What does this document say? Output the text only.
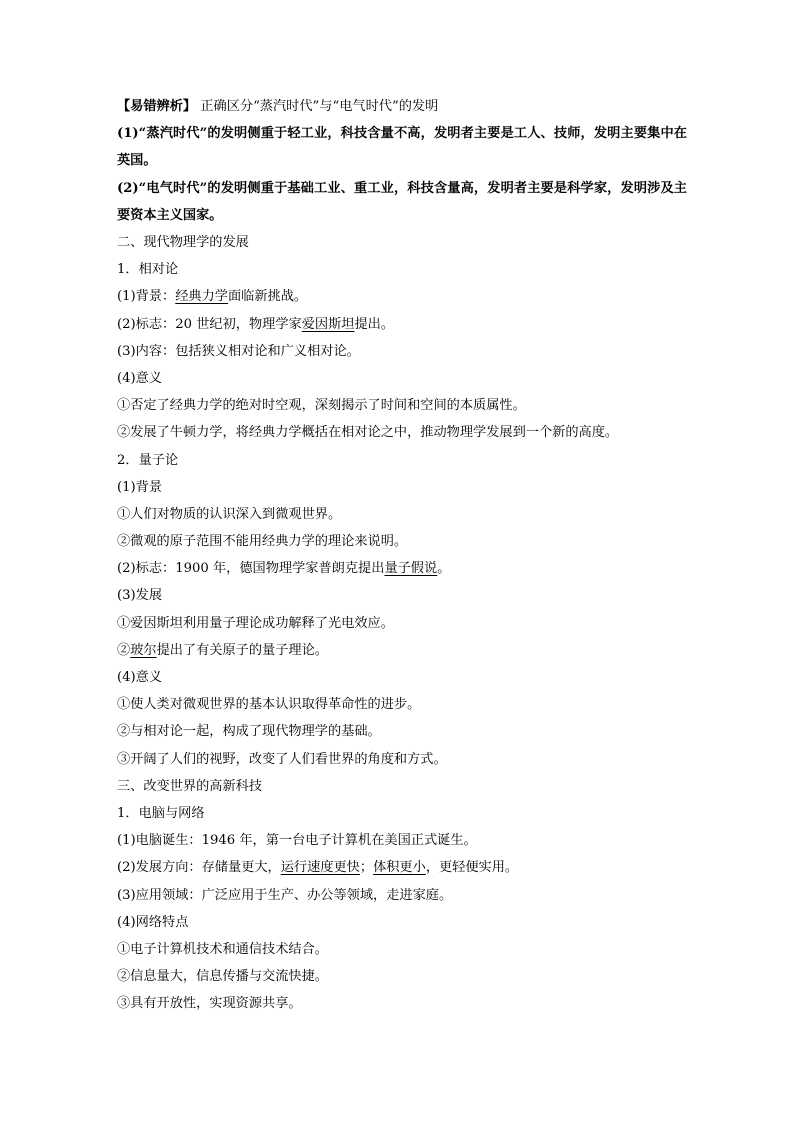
【易错辨析】 正确区分“蒸汽时代”与“电气时代”的发明
(1)“蒸汽时代”的发明侧重于轻工业，科技含量不高，发明者主要是工人、技师，发明主要集中在英国。
(2)“电气时代”的发明侧重于基础工业、重工业，科技含量高，发明者主要是科学家，发明涉及主要资本主义国家。
二、现代物理学的发展
1．相对论
(1)背景：经典力学面临新挑战。
(2)标志：20 世纪初，物理学家爱因斯坦提出。
(3)内容：包括狭义相对论和广义相对论。
(4)意义
①否定了经典力学的绝对时空观，深刻揭示了时间和空间的本质属性。
②发展了牛顿力学，将经典力学概括在相对论之中，推动物理学发展到一个新的高度。
2．量子论
(1)背景
①人们对物质的认识深入到微观世界。
②微观的原子范围不能用经典力学的理论来说明。
(2)标志：1900 年，德国物理学家普朗克提出量子假说。
(3)发展
①爱因斯坦利用量子理论成功解释了光电效应。
②玻尔提出了有关原子的量子理论。
(4)意义
①使人类对微观世界的基本认识取得革命性的进步。
②与相对论一起，构成了现代物理学的基础。
③开阔了人们的视野，改变了人们看世界的角度和方式。
三、改变世界的高新科技
1．电脑与网络
(1)电脑诞生：1946 年，第一台电子计算机在美国正式诞生。
(2)发展方向：存储量更大，运行速度更快；体积更小，更轻便实用。
(3)应用领域：广泛应用于生产、办公等领域，走进家庭。
(4)网络特点
①电子计算机技术和通信技术结合。
②信息量大，信息传播与交流快捷。
③具有开放性，实现资源共享。
